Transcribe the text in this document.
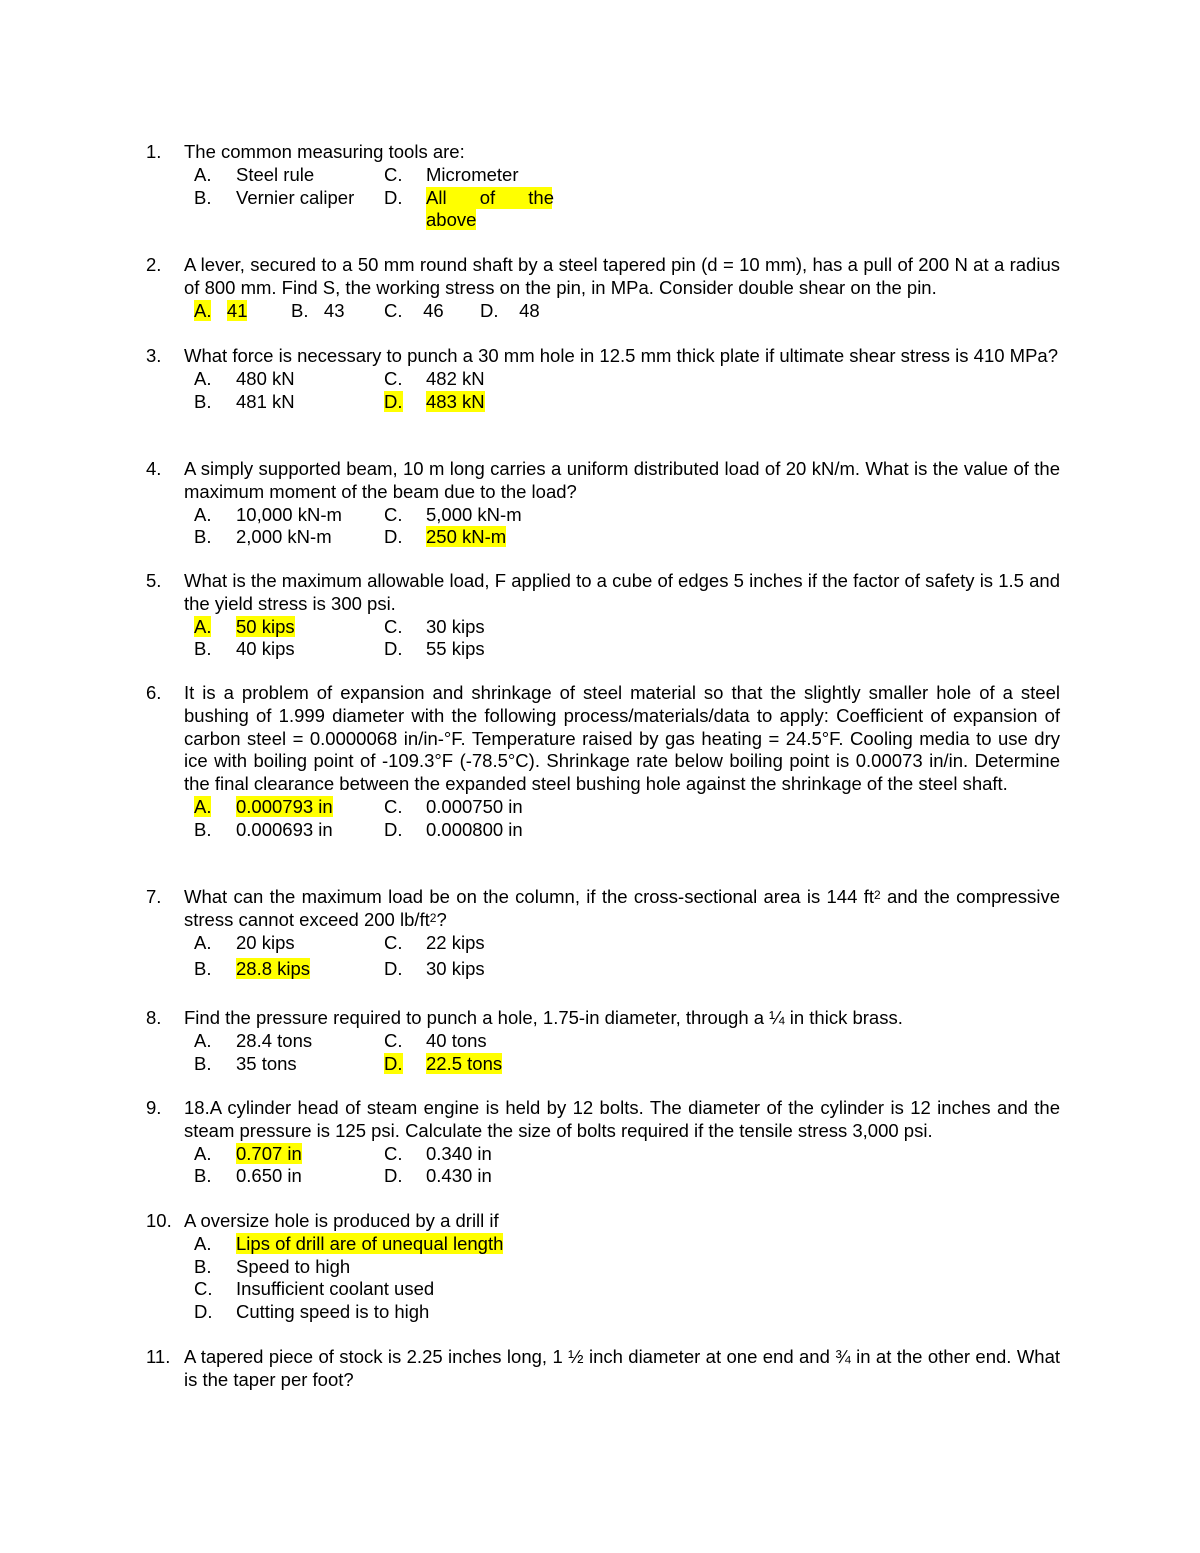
1.	The common measuring tools are:
A. Steel rule	C. Micrometer
B. Vernier caliper D. All of the
above
2.	A lever, secured to a 50 mm round shaft by a steel tapered pin (d = 10 mm), has a pull of 200 N at a radius of 800 mm. Find S, the working stress on the pin, in MPa. Consider double shear on the pin.
A. 41 B. 43 C. 46 D. 48
3.	What force is necessary to punch a 30 mm hole in 12.5 mm thick plate if ultimate shear stress is 410 MPa?
A. 480 kN	C. 482 kN
B. 481 kN	D. 483 kN
4.	A simply supported beam, 10 m long carries a uniform distributed load of 20 kN/m. What is the value of the maximum moment of the beam due to the load?
A. 10,000 kN-m C. 5,000 kN-m
B. 2,000 kN-m	D. 250 kN-m
5.	What is the maximum allowable load, F applied to a cube of edges 5 inches if the factor of safety is 1.5 and the yield stress is 300 psi.
A. 50 kips	C. 30 kips
B. 40 kips	D. 55 kips
6.	It is a problem of expansion and shrinkage of steel material so that the slightly smaller hole of a steel bushing of 1.999 diameter with the following process/materials/data to apply: Coefficient of expansion of carbon steel = 0.0000068 in/in-°F. Temperature raised by gas heating = 24.5°F. Cooling media to use dry ice with boiling point of -109.3°F (-78.5°C). Shrinkage rate below boiling point is 0.00073 in/in. Determine the final clearance between the expanded steel bushing hole against the shrinkage of the steel shaft.
A. 0.000793 in	C. 0.000750 in
B. 0.000693 in	D. 0.000800 in
7.	What can the maximum load be on the column, if the cross-sectional area is 144 $ft^2$ and the compressive stress cannot exceed 200 $lb/ft^2$?
A. 20 kips	C. 22 kips
B. 28.8 kips	D. 30 kips
8.	Find the pressure required to punch a hole, 1.75-in diameter, through a ¼ in thick brass.
A. 28.4 tons	C. 40 tons
B. 35 tons	D. 22.5 tons
9.	18.A cylinder head of steam engine is held by 12 bolts. The diameter of the cylinder is 12 inches and the steam pressure is 125 psi. Calculate the size of bolts required if the tensile stress 3,000 psi.
A. 0.707 in	C. 0.340 in
B. 0.650 in	D. 0.430 in
10. A oversize hole is produced by a drill if
A. Lips of drill are of unequal length
B. Speed to high
C. Insufficient coolant used
D. Cutting speed is to high
11. A tapered piece of stock is 2.25 inches long, 1 ½ inch diameter at one end and ¾ in at the other end. What is the taper per foot?
